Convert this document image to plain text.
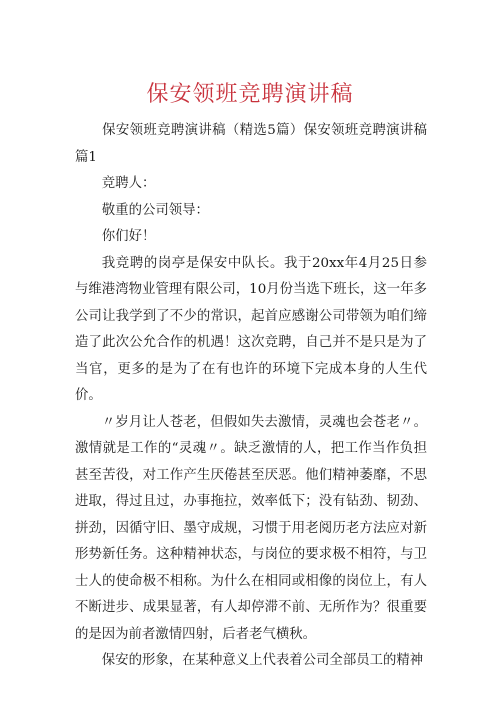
保安领班竞聘演讲稿

保安领班竞聘演讲稿（精选5篇）保安领班竞聘演讲稿篇1

竞聘人：

敬重的公司领导：

你们好！

我竞聘的岗亭是保安中队长。我于20xx年4月25日参与维港湾物业管理有限公司，10月份当选下班长，这一年多公司让我学到了不少的常识，起首应感谢公司带领为咱们缔造了此次公允合作的机遇！这次竞聘，自己并不是只是为了当官，更多的是为了在有也许的环境下完成本身的人生代价。

〃岁月让人苍老，但假如失去激情，灵魂也会苍老〃。激情就是工作的“灵魂〃。缺乏激情的人，把工作当作负担甚至苦役，对工作产生厌倦甚至厌恶。他们精神萎靡，不思进取，得过且过，办事拖拉，效率低下；没有钻劲、韧劲、拼劲，因循守旧、墨守成规，习惯于用老阅历老方法应对新形势新任务。这种精神状态，与岗位的要求极不相符，与卫士人的使命极不相称。为什么在相同或相像的岗位上，有人不断进步、成果显著，有人却停滞不前、无所作为？很重要的是因为前者激情四射，后者老气横秋。

保安的形象，在某种意义上代表着公司全部员工的精神
